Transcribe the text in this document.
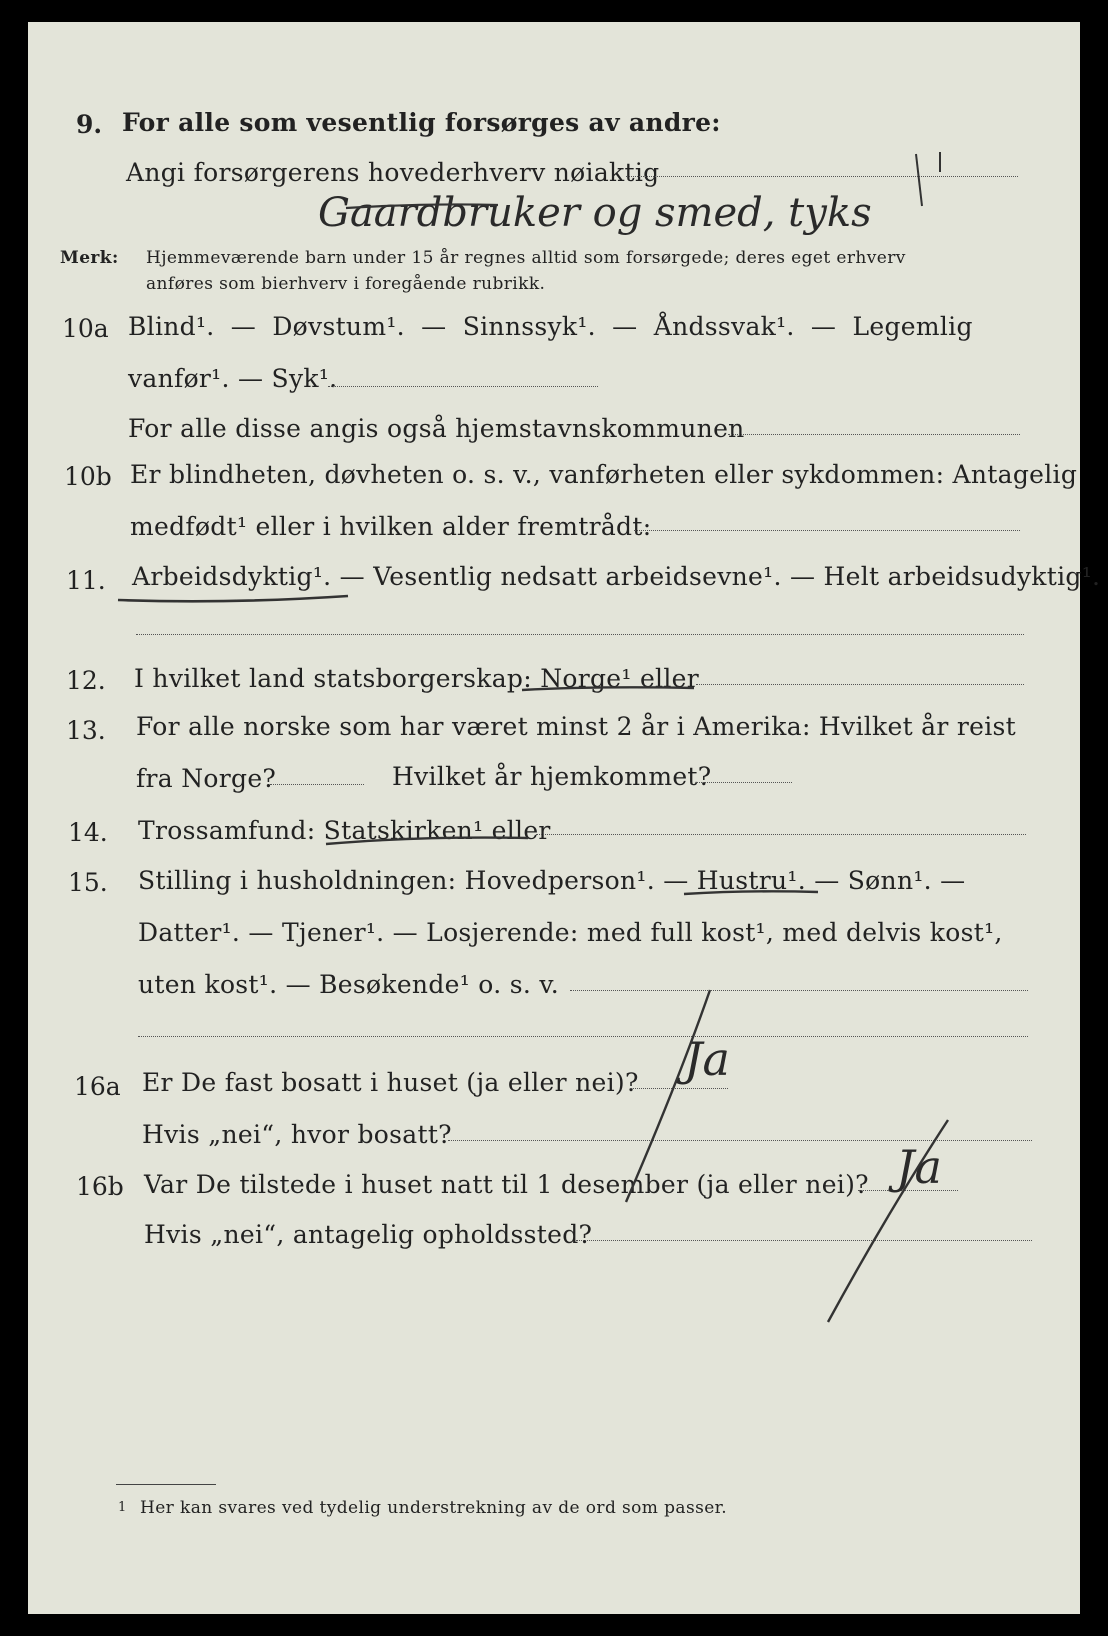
9. For alle som vesentlig forsørges av andre:
Angi forsørgerens hovederhverv nøiaktig
Gaardbruker og smed, tyks
Merk: Hjemmeværende barn under 15 år regnes alltid som forsørgede; deres eget erhverv
anføres som bierhverv i foregående rubrikk.
10a Blind¹. — Døvstum¹. — Sinnssyk¹. — Åndssvak¹. — Legemlig
vanfør¹. — Syk¹.
For alle disse angis også hjemstavnskommunen
10b Er blindheten, døvheten o. s. v., vanførheten eller sykdommen: Antagelig
medfødt¹ eller i hvilken alder fremtrådt:
11. Arbeidsdyktig¹. — Vesentlig nedsatt arbeidsevne¹. — Helt arbeidsudyktig¹.
12. I hvilket land statsborgerskap: Norge¹ eller
13. For alle norske som har været minst 2 år i Amerika: Hvilket år reist
fra Norge?	Hvilket år hjemkommet?
14. Trossamfund: Statskirken¹ eller
15. Stilling i husholdningen: Hovedperson¹. — Hustru¹. — Sønn¹. —
Datter¹. — Tjener¹. — Losjerende: med full kost¹, med delvis kost¹,
uten kost¹. — Besøkende¹ o. s. v.
16a Er De fast bosatt i huset (ja eller nei)? Ja
Hvis „nei“, hvor bosatt?
16b Var De tilstede i huset natt til 1 desember (ja eller nei)? Ja
Hvis „nei“, antagelig opholdssted?
1 Her kan svares ved tydelig understrekning av de ord som passer.
